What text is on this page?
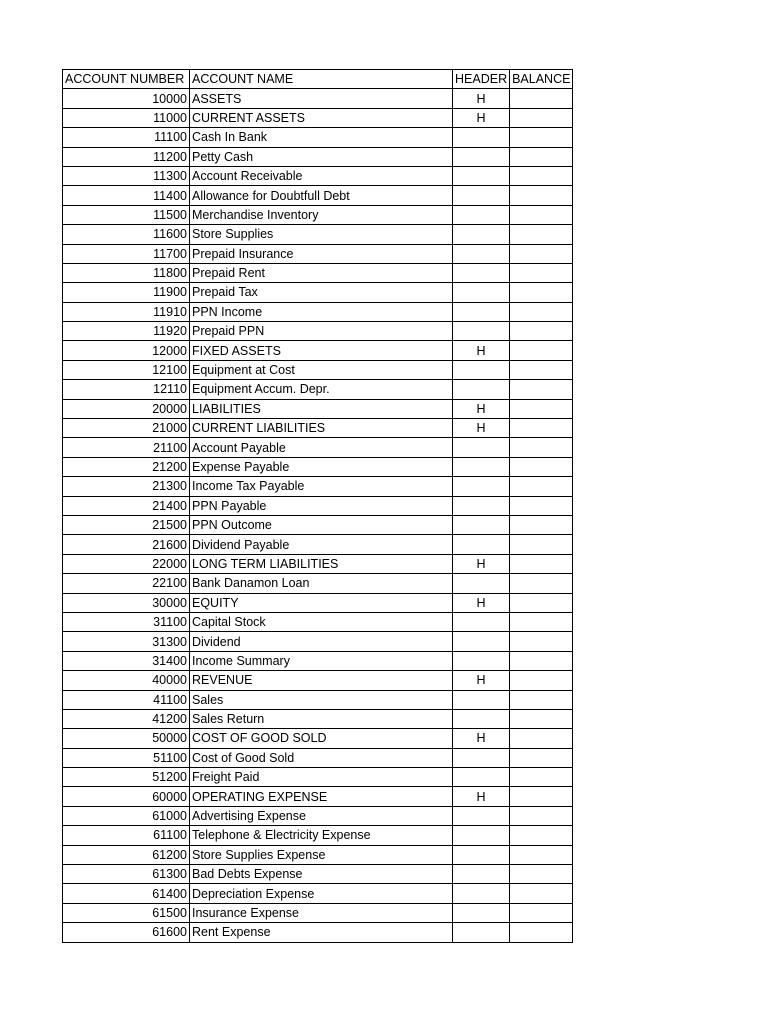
ACCOUNT NUMBER	ACCOUNT NAME	HEADER	BALANCE
10000	ASSETS	H	
11000	CURRENT ASSETS	H	
11100	Cash In Bank		
11200	Petty Cash		
11300	Account Receivable		
11400	Allowance for Doubtfull Debt		
11500	Merchandise Inventory		
11600	Store Supplies		
11700	Prepaid Insurance		
11800	Prepaid Rent		
11900	Prepaid Tax		
11910	PPN Income		
11920	Prepaid PPN		
12000	FIXED ASSETS	H	
12100	Equipment at Cost		
12110	Equipment Accum. Depr.		
20000	LIABILITIES	H	
21000	CURRENT LIABILITIES	H	
21100	Account Payable		
21200	Expense Payable		
21300	Income Tax Payable		
21400	PPN Payable		
21500	PPN Outcome		
21600	Dividend Payable		
22000	LONG TERM LIABILITIES	H	
22100	Bank Danamon Loan		
30000	EQUITY	H	
31100	Capital Stock		
31300	Dividend		
31400	Income Summary		
40000	REVENUE	H	
41100	Sales		
41200	Sales Return		
50000	COST OF GOOD SOLD	H	
51100	Cost of Good Sold		
51200	Freight Paid		
60000	OPERATING EXPENSE	H	
61000	Advertising Expense		
61100	Telephone & Electricity Expense		
61200	Store Supplies Expense		
61300	Bad Debts Expense		
61400	Depreciation Expense		
61500	Insurance Expense		
61600	Rent Expense		
